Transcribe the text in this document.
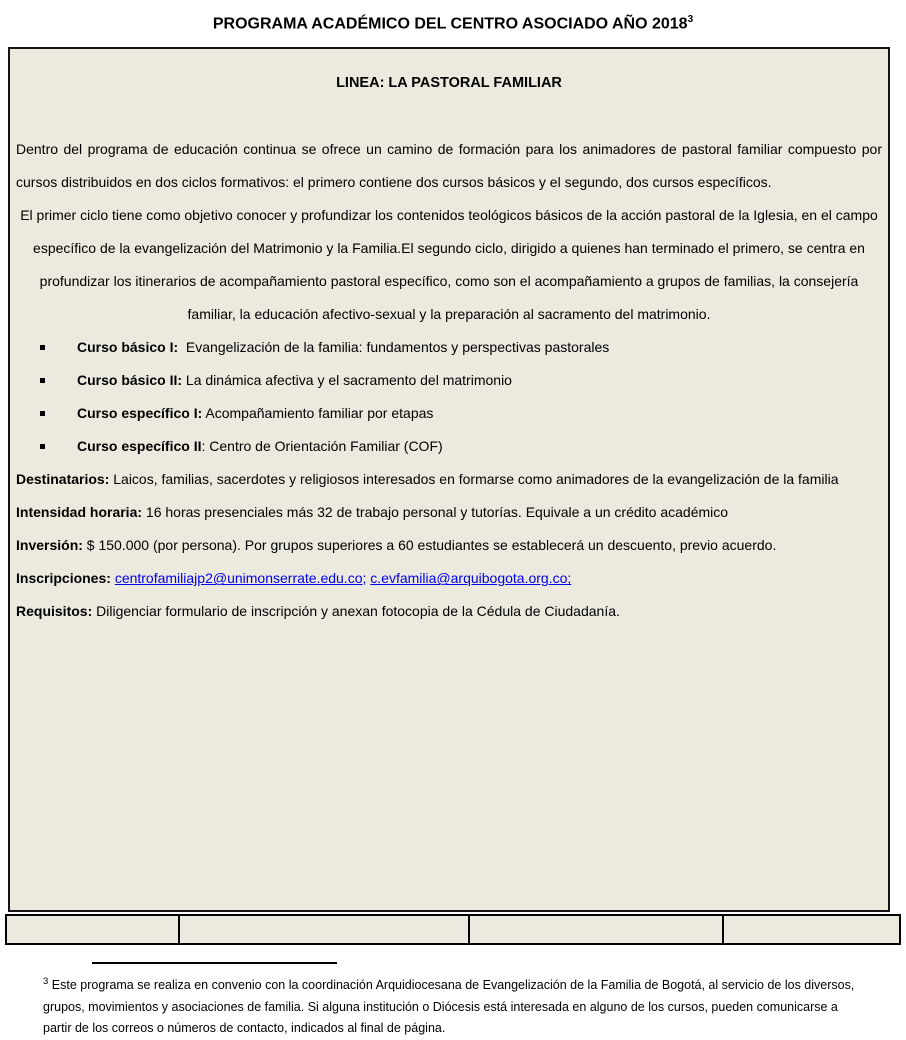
PROGRAMA ACADÉMICO DEL CENTRO ASOCIADO AÑO 2018$^3$
LINEA: LA PASTORAL FAMILIAR

Dentro del programa de educación continua se ofrece un camino de formación para los animadores de pastoral familiar compuesto por cursos distribuidos en dos ciclos formativos: el primero contiene dos cursos básicos y el segundo, dos cursos específicos.

El primer ciclo tiene como objetivo conocer y profundizar los contenidos teológicos básicos de la acción pastoral de la Iglesia, en el campo específico de la evangelización del Matrimonio y la Familia.El segundo ciclo, dirigido a quienes han terminado el primero, se centra en profundizar los itinerarios de acompañamiento pastoral específico, como son el acompañamiento a grupos de familias, la consejería familiar, la educación afectivo-sexual y la preparación al sacramento del matrimonio.

Curso básico I:  Evangelización de la familia: fundamentos y perspectivas pastorales
Curso básico II: La dinámica afectiva y el sacramento del matrimonio
Curso específico I: Acompañamiento familiar por etapas
Curso específico II: Centro de Orientación Familiar (COF)

Destinatarios: Laicos, familias, sacerdotes y religiosos interesados en formarse como animadores de la evangelización de la familia

Intensidad horaria: 16 horas presenciales más 32 de trabajo personal y tutorías. Equivale a un crédito académico

Inversión: $ 150.000 (por persona). Por grupos superiores a 60 estudiantes se establecerá un descuento, previo acuerdo.

Inscripciones: centrofamiliajp2@unimonserrate.edu.co; c.evfamilia@arquibogota.org.co;

Requisitos: Diligenciar formulario de inscripción y anexan fotocopia de la Cédula de Ciudadanía.

$^3$ Este programa se realiza en convenio con la coordinación Arquidiocesana de Evangelización de la Familia de Bogotá, al servicio de los diversos, grupos, movimientos y asociaciones de familia. Si alguna institución o Diócesis está interesada en alguno de los cursos, pueden comunicarse a partir de los correos o números de contacto, indicados al final de página.
